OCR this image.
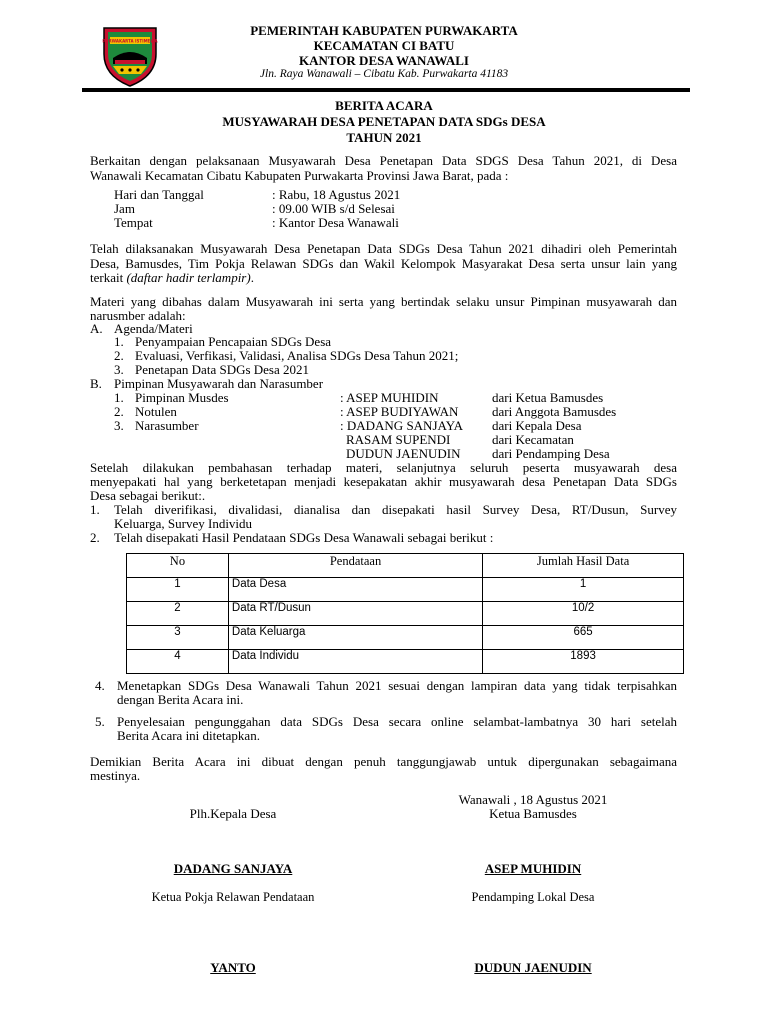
PURWAKARTA ISTIMEWA
PEMERINTAH KABUPATEN PURWAKARTA
KECAMATAN CI BATU
KANTOR DESA WANAWALI
Jln. Raya Wanawali – Cibatu Kab. Purwakarta 41183
BERITA ACARA
MUSYAWARAH DESA PENETAPAN DATA SDGs DESA
TAHUN 2021
Berkaitan dengan pelaksanaan Musyawarah Desa Penetapan Data SDGS Desa Tahun 2021, di Desa
Wanawali Kecamatan Cibatu Kabupaten Purwakarta Provinsi Jawa Barat, pada :
Hari dan Tanggal	: Rabu, 18 Agustus 2021
Jam	: 09.00 WIB s/d Selesai
Tempat	: Kantor Desa Wanawali
Telah dilaksanakan Musyawarah Desa Penetapan Data SDGs Desa Tahun 2021 dihadiri oleh Pemerintah
Desa, Bamusdes, Tim Pokja Relawan SDGs dan Wakil Kelompok Masyarakat Desa serta unsur lain yang
terkait (daftar hadir terlampir).
Materi yang dibahas dalam Musyawarah ini serta yang bertindak selaku unsur Pimpinan musyawarah dan
narusmber adalah:
A. Agenda/Materi
1. Penyampaian Pencapaian SDGs Desa
2. Evaluasi, Verfikasi, Validasi, Analisa SDGs Desa Tahun 2021;
3. Penetapan Data SDGs Desa 2021
B. Pimpinan Musyawarah dan Narasumber
1. Pimpinan Musdes	: ASEP MUHIDIN	dari Ketua Bamusdes
2. Notulen	: ASEP BUDIYAWAN	dari Anggota Bamusdes
3. Narasumber	: DADANG SANJAYA dari Kepala Desa
RASAM SUPENDI	dari Kecamatan
DUDUN JAENUDIN dari Pendamping Desa
Setelah dilakukan pembahasan terhadap materi, selanjutnya seluruh peserta musyawarah desa
menyepakati hal yang berketetapan menjadi kesepakatan akhir musyawarah desa Penetapan Data SDGs
Desa sebagai berikut:.
1. Telah diverifikasi, divalidasi, dianalisa dan disepakati hasil Survey Desa, RT/Dusun, Survey
Keluarga, Survey Individu
2. Telah disepakati Hasil Pendataan SDGs Desa Wanawali sebagai berikut :
No	Pendataan	Jumlah Hasil Data
1	Data Desa	1
2	Data RT/Dusun	10/2
3	Data Keluarga	665
4	Data Individu	1893
4. Menetapkan SDGs Desa Wanawali Tahun 2021 sesuai dengan lampiran data yang tidak terpisahkan
dengan Berita Acara ini.
5. Penyelesaian pengunggahan data SDGs Desa secara online selambat-lambatnya 30 hari setelah
Berita Acara ini ditetapkan.
Demikian Berita Acara ini dibuat dengan penuh tanggungjawab untuk dipergunakan sebagaimana
mestinya.
Wanawali , 18 Agustus 2021
Plh.Kepala Desa	Ketua Bamusdes
DADANG SANJAYA	ASEP MUHIDIN
Ketua Pokja Relawan Pendataan	Pendamping Lokal Desa
YANTO	DUDUN JAENUDIN
